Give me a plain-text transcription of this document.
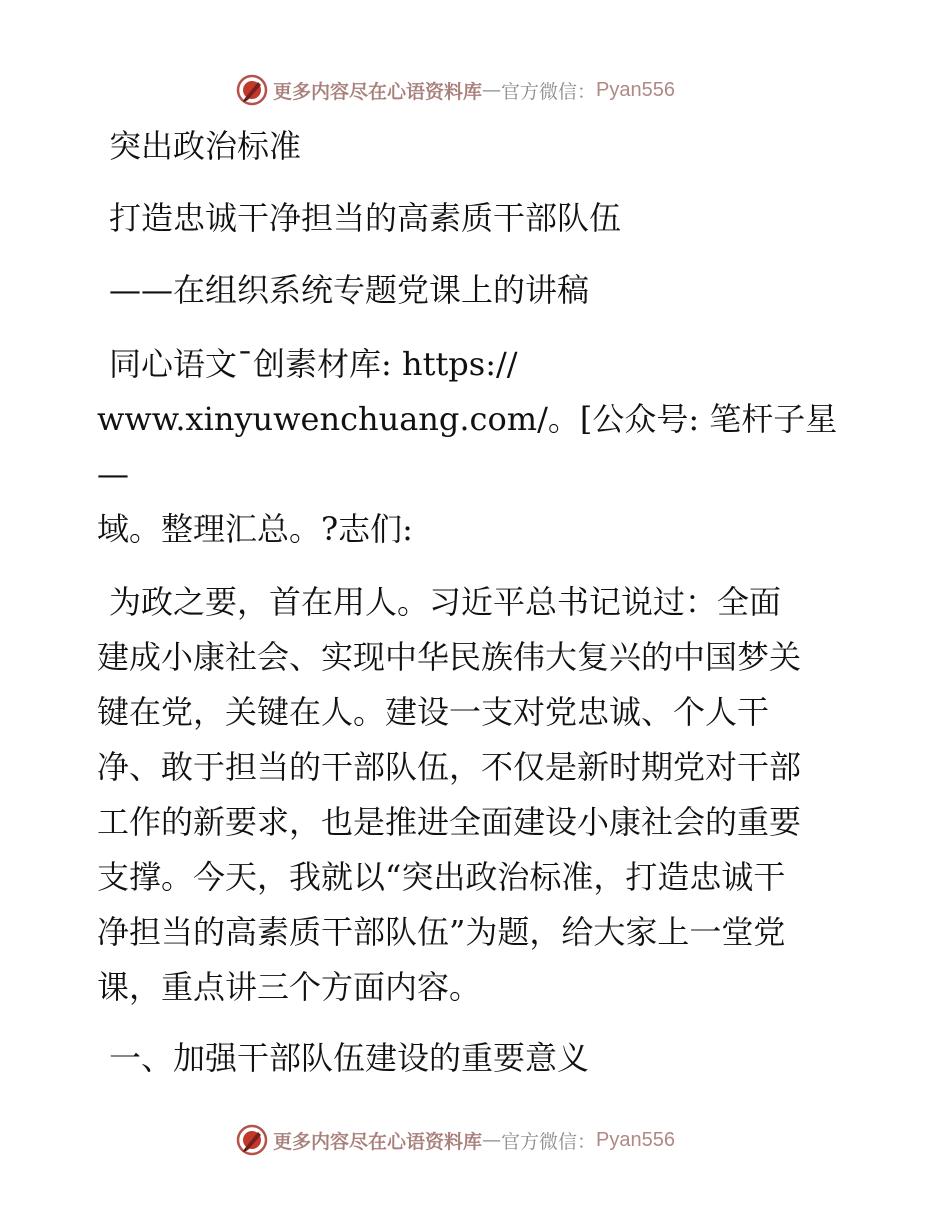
更多内容尽在心语资料库 — 官方微信： Pyan556

突出政治标准

打造忠诚干净担当的高素质干部队伍

——在组织系统专题党课上的讲稿

同心语文¯创素材库: https://

www.xinyuwenchuang.com/。[公众号: 笔杆子星—

域。整理汇总。?志们:

为政之要，首在用人。习近平总书记说过：全面
建成小康社会、实现中华民族伟大复兴的中国梦关
键在党，关键在人。建设一支对党忠诚、个人干
净、敢于担当的干部队伍，不仅是新时期党对干部
工作的新要求，也是推进全面建设小康社会的重要
支撑。今天，我就以“突出政治标准，打造忠诚干
净担当的高素质干部队伍”为题，给大家上一堂党
课，重点讲三个方面内容。

一、加强干部队伍建设的重要意义

更多内容尽在心语资料库 — 官方微信： Pyan556
